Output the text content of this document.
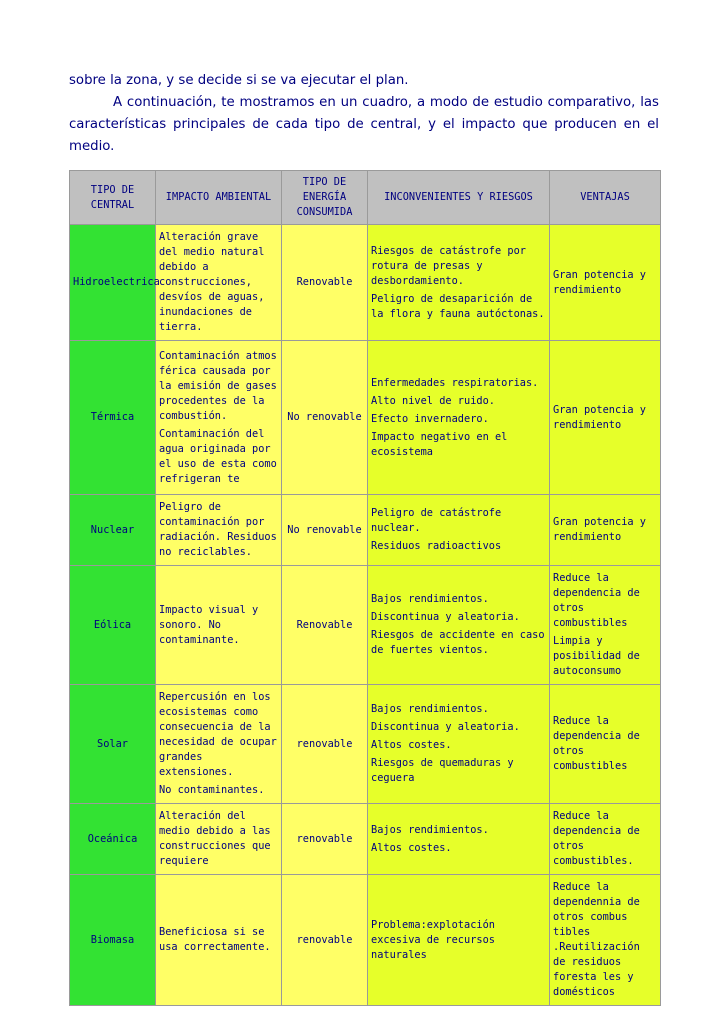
sobre la zona, y se decide si se va ejecutar el plan.

A continuación, te mostramos en un cuadro, a modo de estudio comparativo, las características principales de cada tipo de central, y el impacto que producen en el medio.

TIPO DE CENTRAL	IMPACTO AMBIENTAL	TIPO DE ENERGÍA CONSUMIDA	INCONVENIENTES Y RIESGOS	VENTAJAS
Hidroelectrica	Alteración grave del medio natural debido a construcciones, desvíos de aguas, inundaciones de tierra.	Renovable	Riesgos de catástrofe por rotura de presas y desbordamiento.
Peligro de desaparición de la flora y fauna autóctonas.	Gran potencia y rendimiento

Térmica	Contaminación atmos férica causada por la emisión de gases procedentes de la combustión.
Contaminación del agua originada por el uso de esta como refrigeran te	No renovable	Enfermedades respiratorias.
Alto nivel de ruido.
Efecto invernadero.
Impacto negativo en el ecosistema	Gran potencia y rendimiento

Nuclear	Peligro de contaminación por radiación. Residuos no reciclables.	No renovable	Peligro de catástrofe nuclear.
Residuos radioactivos	Gran potencia y rendimiento

Eólica	Impacto visual y sonoro. No contaminante.	Renovable	Bajos rendimientos.
Discontinua y aleatoria.
Riesgos de accidente en caso de fuertes vientos.	Reduce la dependencia de otros combustibles
Limpia y posibilidad de autoconsumo

Solar	Repercusión en los ecosistemas como consecuencia de la necesidad de ocupar grandes extensiones.
No contaminantes.	renovable	Bajos rendimientos.
Discontinua y aleatoria.
Altos costes.
Riesgos de quemaduras y ceguera	Reduce la dependencia de otros combustibles

Oceánica	Alteración del medio debido a las construcciones que requiere	renovable	Bajos rendimientos.
Altos costes.	Reduce la dependencia de otros combustibles.

Biomasa	Beneficiosa si se usa correctamente.	renovable	Problema:explotación excesiva de recursos naturales	Reduce la dependennia de otros combus tibles .Reutilización de residuos foresta les y domésticos
